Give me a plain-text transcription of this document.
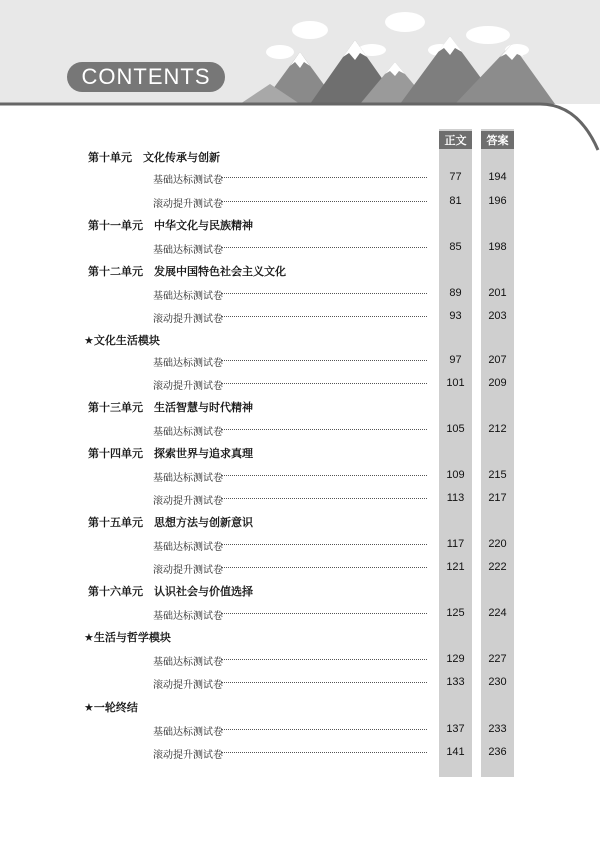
CONTENTS
正文	答案
第十单元　文化传承与创新
基础达标测试卷	77	194
滚动提升测试卷	81	196
第十一单元　中华文化与民族精神
基础达标测试卷	85	198
第十二单元　发展中国特色社会主义文化
基础达标测试卷	89	201
滚动提升测试卷	93	203
★文化生活模块
基础达标测试卷	97	207
滚动提升测试卷	101	209
第十三单元　生活智慧与时代精神
基础达标测试卷	105	212
第十四单元　探索世界与追求真理
基础达标测试卷	109	215
滚动提升测试卷	113	217
第十五单元　思想方法与创新意识
基础达标测试卷	117	220
滚动提升测试卷	121	222
第十六单元　认识社会与价值选择
基础达标测试卷	125	224
★生活与哲学模块
基础达标测试卷	129	227
滚动提升测试卷	133	230
★一轮终结
基础达标测试卷	137	233
滚动提升测试卷	141	236
